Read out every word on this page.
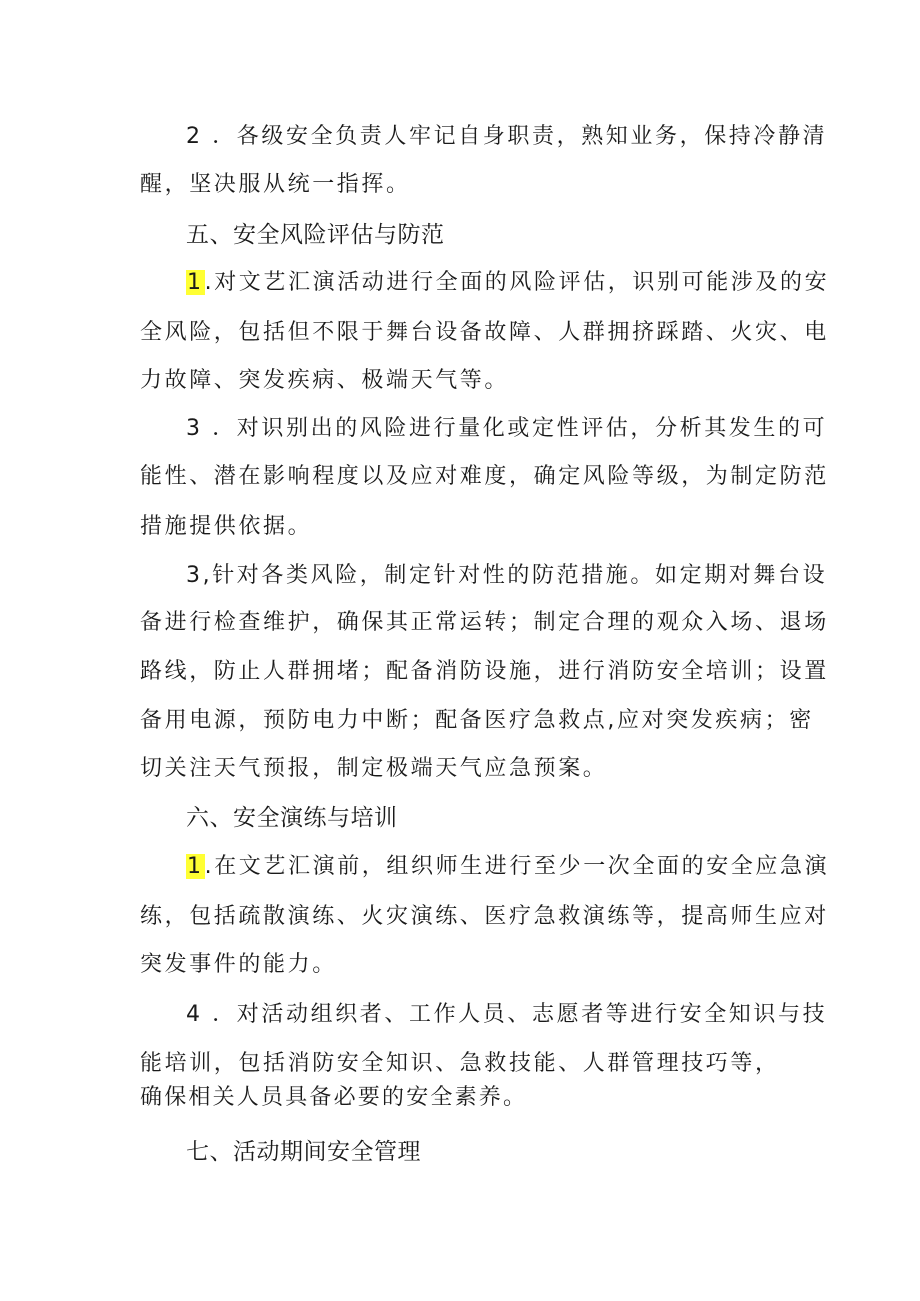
2 ．各级安全负责人牢记自身职责，熟知业务，保持冷静清
醒，坚决服从统一指挥。
五、安全风险评估与防范
1.对文艺汇演活动进行全面的风险评估，识别可能涉及的安
全风险，包括但不限于舞台设备故障、人群拥挤踩踏、火灾、电
力故障、突发疾病、极端天气等。
3 ．对识别出的风险进行量化或定性评估，分析其发生的可
能性、潜在影响程度以及应对难度，确定风险等级，为制定防范
措施提供依据。
3,针对各类风险，制定针对性的防范措施。如定期对舞台设
备进行检查维护，确保其正常运转；制定合理的观众入场、退场
路线，防止人群拥堵；配备消防设施，进行消防安全培训；设置
备用电源，预防电力中断；配备医疗急救点,应对突发疾病；密
切关注天气预报，制定极端天气应急预案。
六、安全演练与培训
1.在文艺汇演前，组织师生进行至少一次全面的安全应急演
练，包括疏散演练、火灾演练、医疗急救演练等，提高师生应对
突发事件的能力。
4 ．对活动组织者、工作人员、志愿者等进行安全知识与技
能培训，包括消防安全知识、急救技能、人群管理技巧等，
确保相关人员具备必要的安全素养。
七、活动期间安全管理
